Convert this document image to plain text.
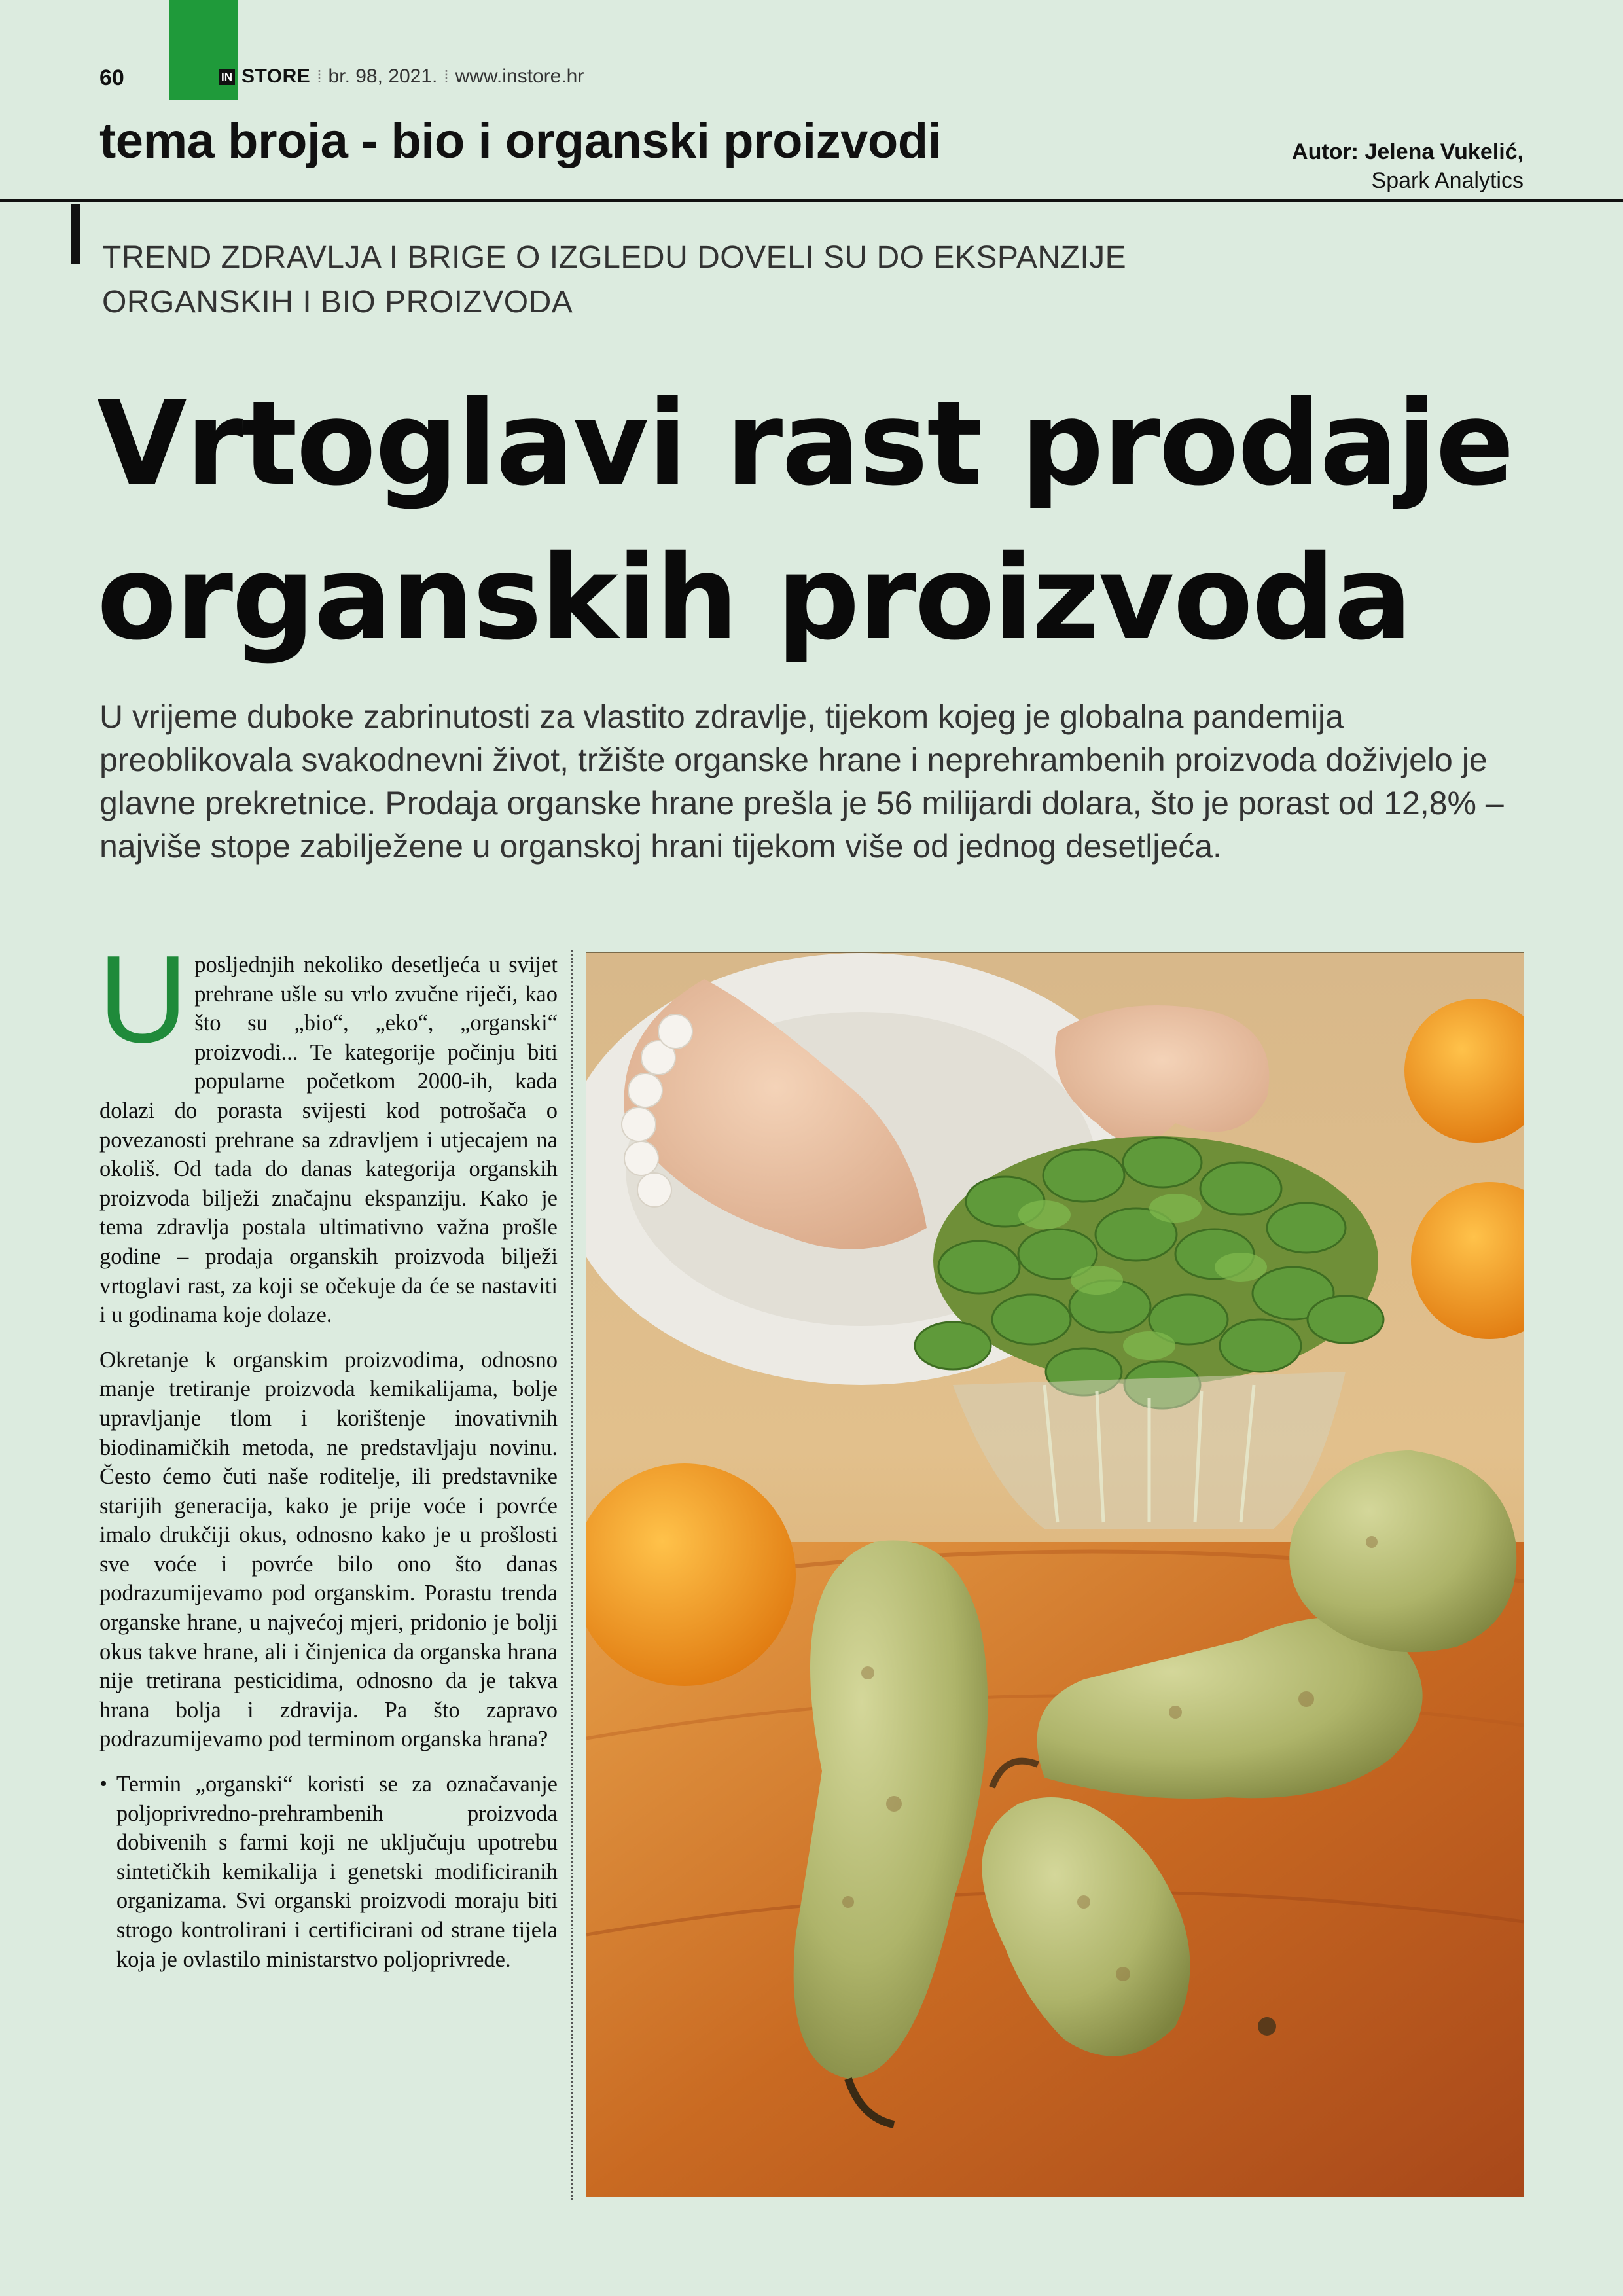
60	IN STORE ⁞ br. 98, 2021. ⁞ www.instore.hr
tema broja - bio i organski proizvodi	Autor: Jelena Vukelić,
Spark Analytics
TREND ZDRAVLJA I BRIGE O IZGLEDU DOVELI SU DO EKSPANZIJE
ORGANSKIH I BIO PROIZVODA
Vrtoglavi rast prodaje
organskih proizvoda
U vrijeme duboke zabrinutosti za vlastito zdravlje, tijekom kojeg je globalna pandemija preoblikovala svakodnevni život, tržište organske hrane i neprehrambenih proizvoda doživjelo je glavne prekretnice. Prodaja organske hrane prešla je 56 milijardi dolara, što je porast od 12,8% – najviše stope zabilježene u organskoj hrani tijekom više od jednog desetljeća.

U posljednjih nekoliko desetljeća u svijet prehrane ušle su vrlo zvučne riječi, kao što su „bio“, „eko“, „organski“ proizvodi... Te kategorije počinju biti popularne početkom 2000-ih, kada dolazi do porasta svijesti kod potrošača o povezanosti prehrane sa zdravljem i utjecajem na okoliš. Od tada do danas kategorija organskih proizvoda bilježi značajnu ekspanziju. Kako je tema zdravlja postala ultimativno važna prošle godine – prodaja organskih proizvoda bilježi vrtoglavi rast, za koji se očekuje da će se nastaviti i u godinama koje dolaze.

Okretanje k organskim proizvodima, odnosno manje tretiranje proizvoda kemikalijama, bolje upravljanje tlom i korištenje inovativnih biodinamičkih metoda, ne predstavljaju novinu. Često ćemo čuti naše roditelje, ili predstavnike starijih generacija, kako je prije voće i povrće imalo drukčiji okus, odnosno kako je u prošlosti sve voće i povrće bilo ono što danas podrazumijevamo pod organskim. Porastu trenda organske hrane, u najvećoj mjeri, pridonio je bolji okus takve hrane, ali i činjenica da organska hrana nije tretirana pesticidima, odnosno da je takva hrana bolja i zdravija. Pa što zapravo podrazumijevamo pod terminom organska hrana?

• Termin „organski“ koristi se za označavanje poljoprivredno-prehrambenih proizvoda dobivenih s farmi koji ne uključuju upotrebu sintetičkih kemikalija i genetski modificiranih organizama. Svi organski proizvodi moraju biti strogo kontrolirani i certificirani od strane tijela koja je ovlastilo ministarstvo poljoprivrede.
